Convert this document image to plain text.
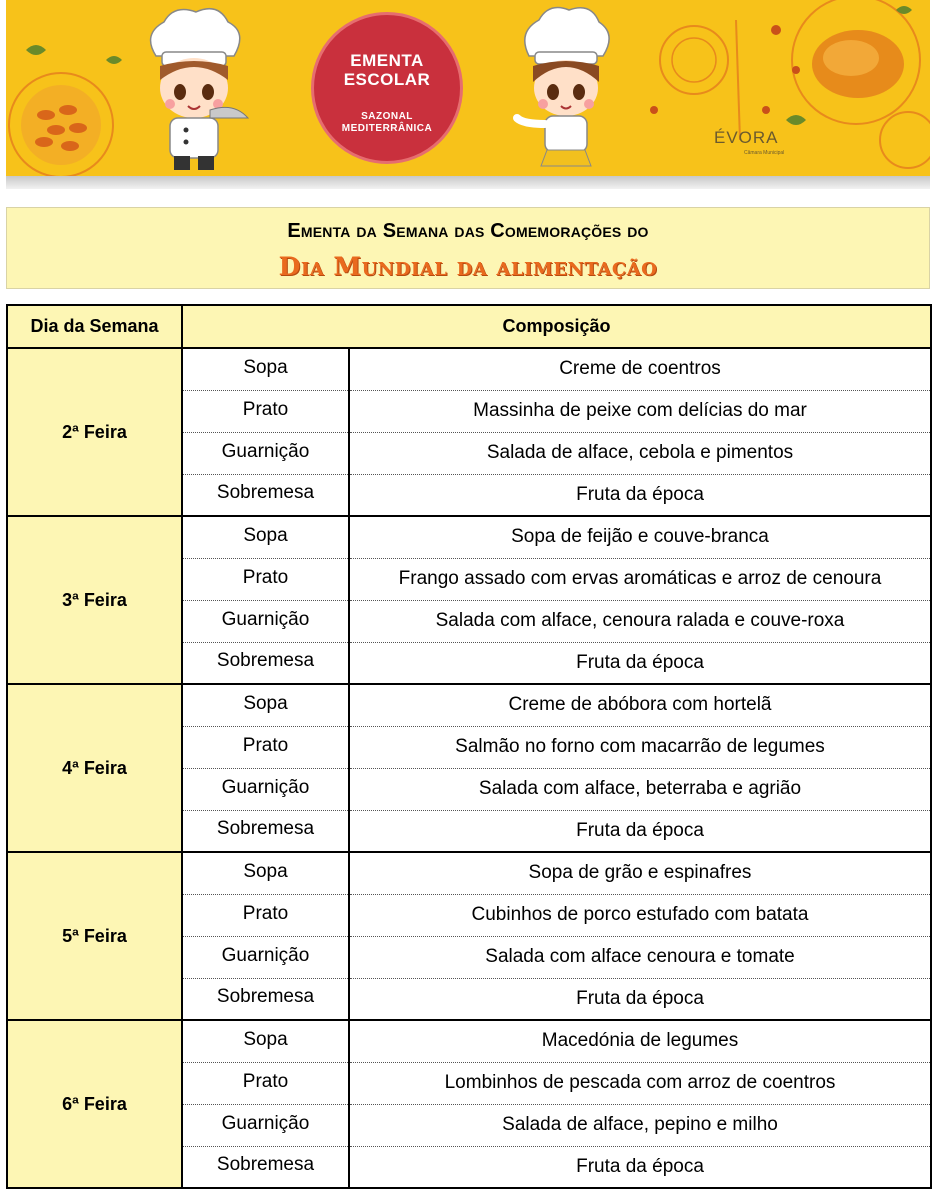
EMENTA
ESCOLAR
SAZONAL
MEDITERRÂNICA	ÉVORA
Câmara Municipal
Ementa da Semana das Comemorações do
Dia Mundial da alimentação
Dia da Semana	Composição	
2ª Feira	Sopa	Creme de coentros
	Prato	Massinha de peixe com delícias do mar
	Guarnição	Salada de alface, cebola e pimentos
	Sobremesa	Fruta da época
3ª Feira	Sopa	Sopa de feijão e couve-branca
	Prato	Frango assado com ervas aromáticas e arroz de cenoura
	Guarnição	Salada com alface, cenoura ralada e couve-roxa
	Sobremesa	Fruta da época
4ª Feira	Sopa	Creme de abóbora com hortelã
	Prato	Salmão no forno com macarrão de legumes
	Guarnição	Salada com alface, beterraba e agrião
	Sobremesa	Fruta da época
5ª Feira	Sopa	Sopa de grão e espinafres
	Prato	Cubinhos de porco estufado com batata
	Guarnição	Salada com alface cenoura e tomate
	Sobremesa	Fruta da época
6ª Feira	Sopa	Macedónia de legumes
	Prato	Lombinhos de pescada com arroz de coentros
	Guarnição	Salada de alface, pepino e milho
	Sobremesa	Fruta da época
